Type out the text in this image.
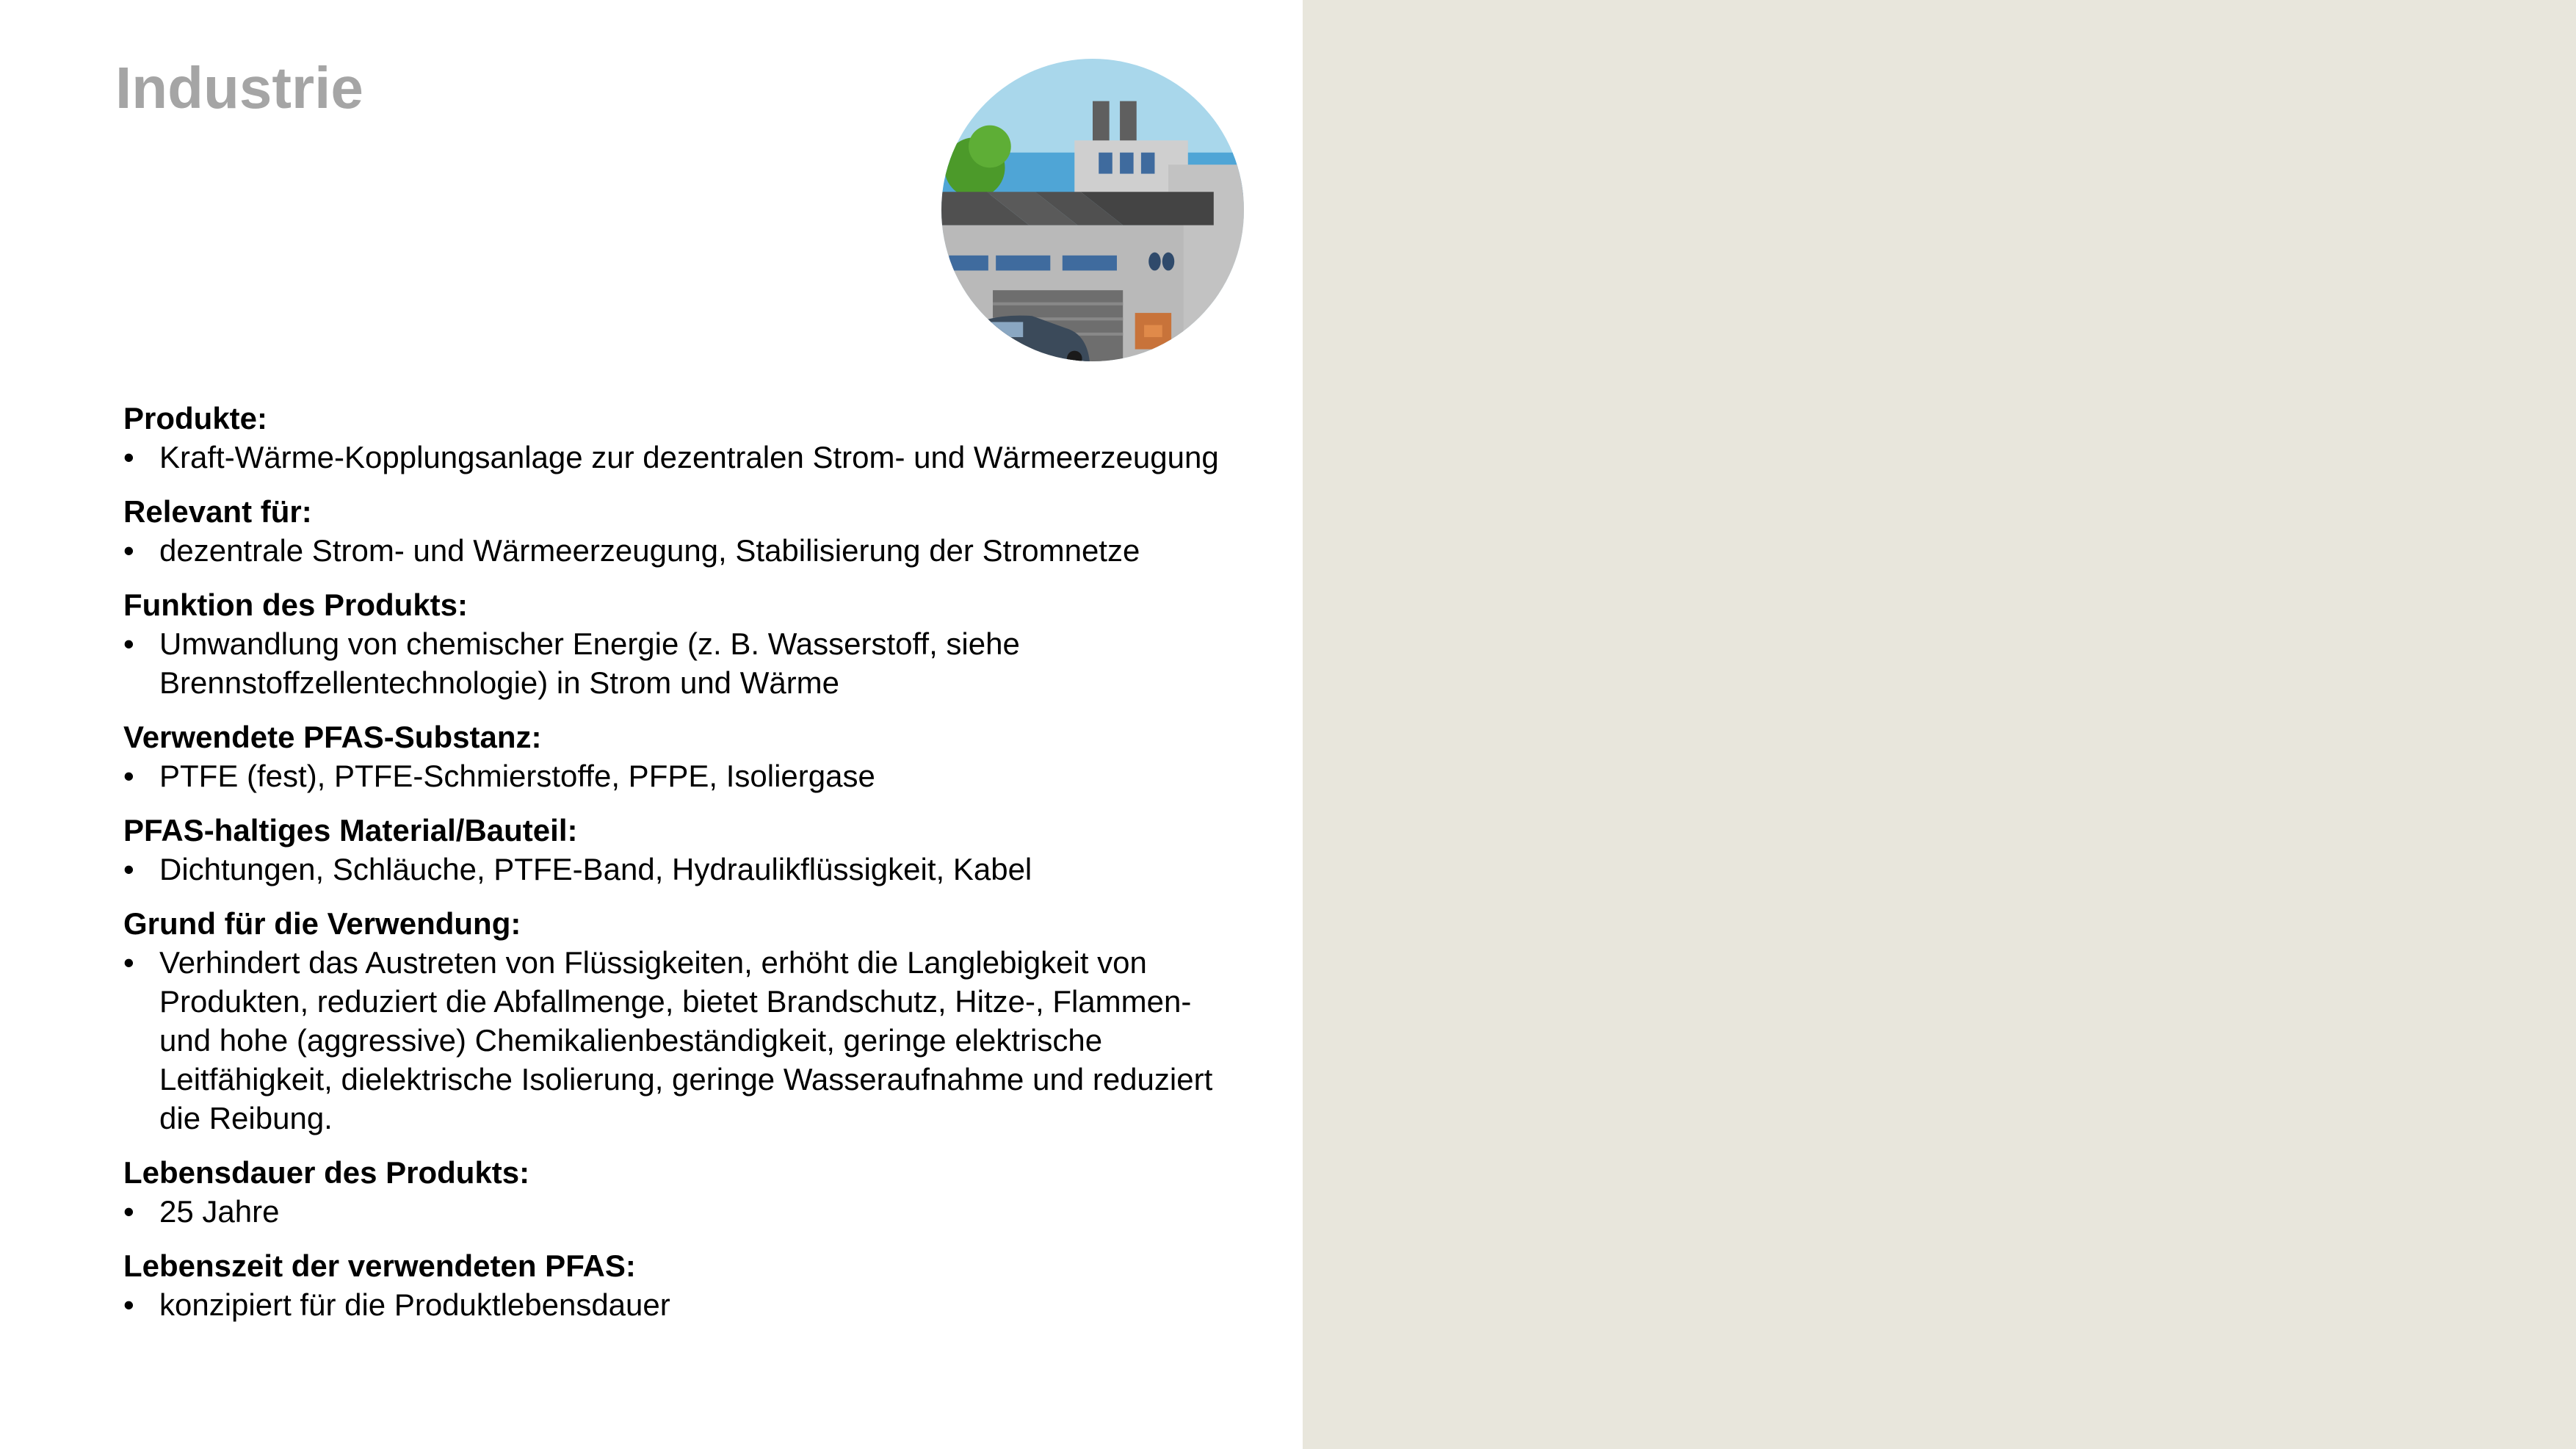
Industrie
Produkte:
• Kraft-Wärme-Kopplungsanlage zur dezentralen Strom- und Wärmeerzeugung
Relevant für:
• dezentrale Strom- und Wärmeerzeugung, Stabilisierung der Stromnetze
Funktion des Produkts:
• Umwandlung von chemischer Energie (z. B. Wasserstoff, siehe Brennstoffzellentechnologie) in Strom und Wärme
Verwendete PFAS-Substanz:
• PTFE (fest), PTFE-Schmierstoffe, PFPE, Isoliergase
PFAS-haltiges Material/Bauteil:
• Dichtungen, Schläuche, PTFE-Band, Hydraulikflüssigkeit, Kabel
Grund für die Verwendung:
• Verhindert das Austreten von Flüssigkeiten, erhöht die Langlebigkeit von Produkten, reduziert die Abfallmenge, bietet Brandschutz, Hitze-, Flammen- und hohe (aggressive) Chemikalienbeständigkeit, geringe elektrische Leitfähigkeit, dielektrische Isolierung, geringe Wasseraufnahme und reduziert die Reibung.
Lebensdauer des Produkts:
• 25 Jahre
Lebenszeit der verwendeten PFAS:
• konzipiert für die Produktlebensdauer
